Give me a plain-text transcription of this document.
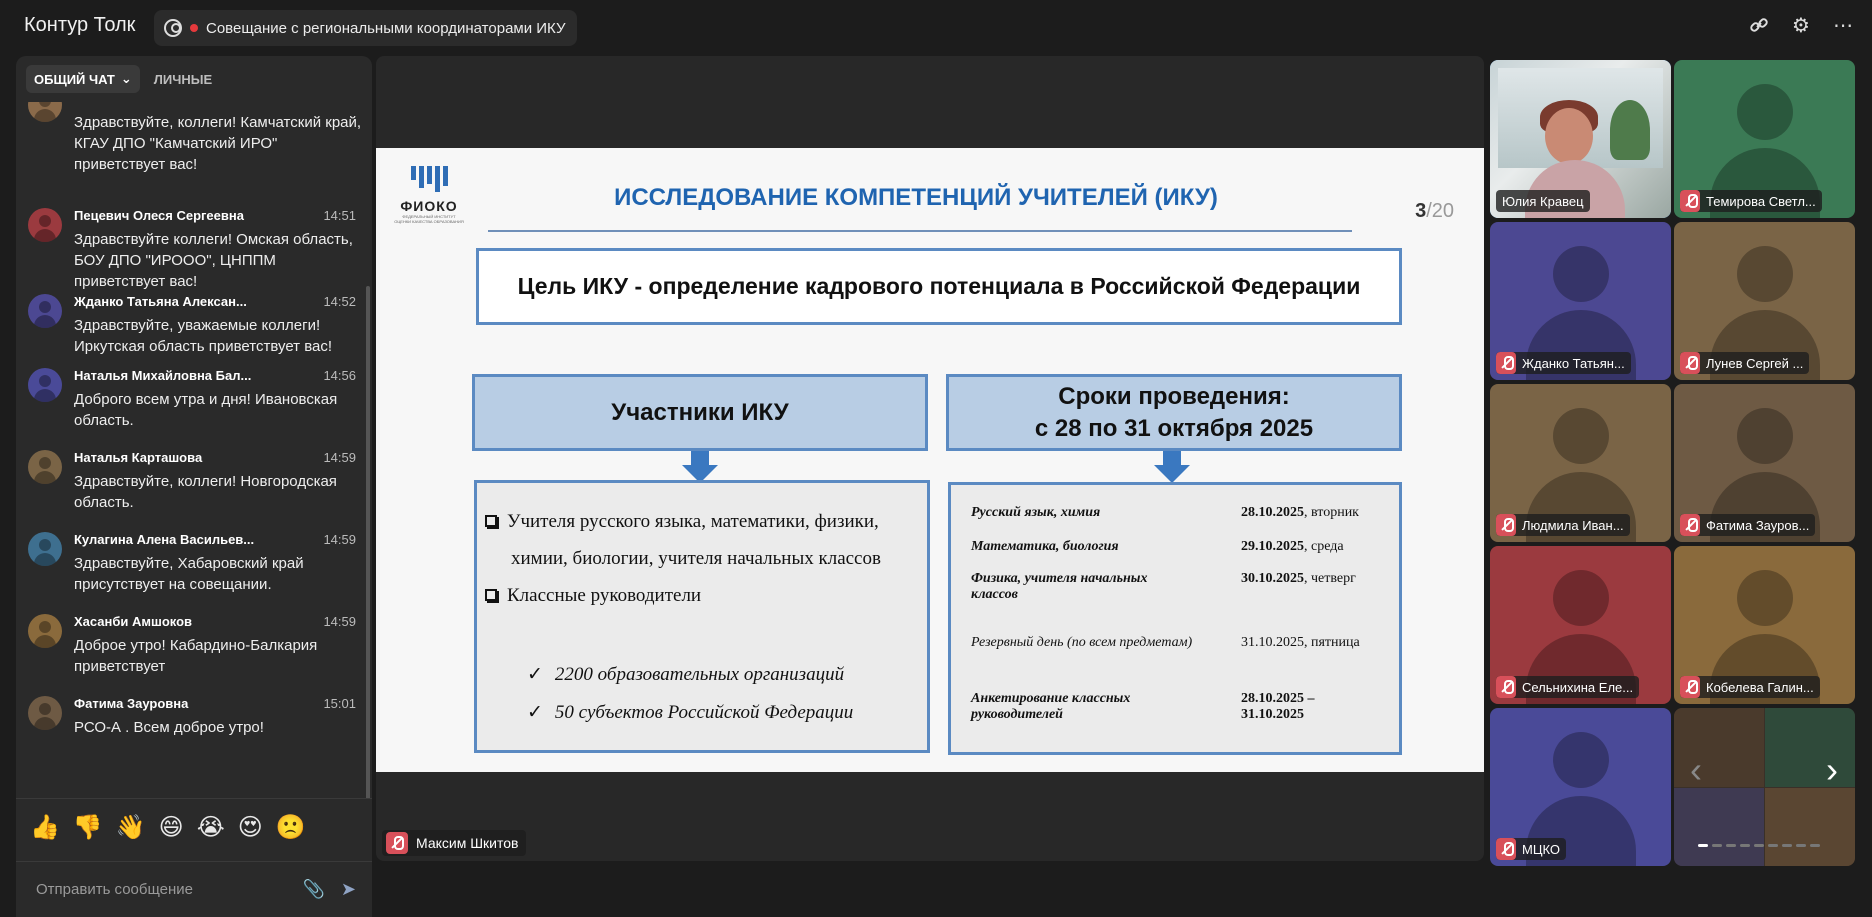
Контур Толк	Совещание с региональными координаторами ИКУ	⚙ ⋯
ОБЩИЙ ЧАТ ⌄ ЛИЧНЫЕ
Здравствуйте, коллеги! Камчатский край, КГАУ ДПО "Камчатский ИРО" приветствует вас!
Пецевич Олеся Сергеевна	14:51
Здравствуйте коллеги! Омская область, БОУ ДПО "ИРООО", ЦНППМ приветствует вас!
Жданко Татьяна Алексан...	14:52
Здравствуйте, уважаемые коллеги! Иркутская область приветствует вас!
Наталья Михайловна Бал...	14:56
Доброго всем утра и дня! Ивановская область.
Наталья Карташова	14:59
Здравствуйте, коллеги! Новгородская область.
Кулагина Алена Васильев...	14:59
Здравствуйте, Хабаровский край присутствует на совещании.
Хасанби Амшоков	14:59
Доброе утро! Кабардино-Балкария приветствует
Фатима Зауровна	15:01
РСО-А . Всем доброе утро!
👍 👎 👋 😄 😭 😍 🙁
Отправить сообщение	📎 ➤
ФИОКО
ФЕДЕРАЛЬНЫЙ ИНСТИТУТ ОЦЕНКИ КАЧЕСТВА ОБРАЗОВАНИЯ
ИССЛЕДОВАНИЕ КОМПЕТЕНЦИЙ УЧИТЕЛЕЙ (ИКУ)	3/20
Цель ИКУ - определение кадрового потенциала в Российской Федерации
Участники ИКУ
Сроки проведения:
с 28 по 31 октября 2025
Учителя русского языка, математики, физики,
химии, биологии, учителя начальных классов
Классные руководители
✓ 2200 образовательных организаций
✓ 50 субъектов Российской Федерации
Русский язык, химия	28.10.2025, вторник
Математика, биология	29.10.2025, среда
Физика, учителя начальных классов
30.10.2025, четверг
Резервный день (по всем предметам)	31.10.2025, пятница
Анкетирование классных руководителей
28.10.2025 –
31.10.2025
Максим Шкитов
Юлия Кравец	Темирова Светл...
Жданко Татьян...	Лунев Сергей ...
Людмила Иван...	Фатима Зауров...
Сельнихина Еле...	Кобелева Галин...
МЦКО
‹	›
